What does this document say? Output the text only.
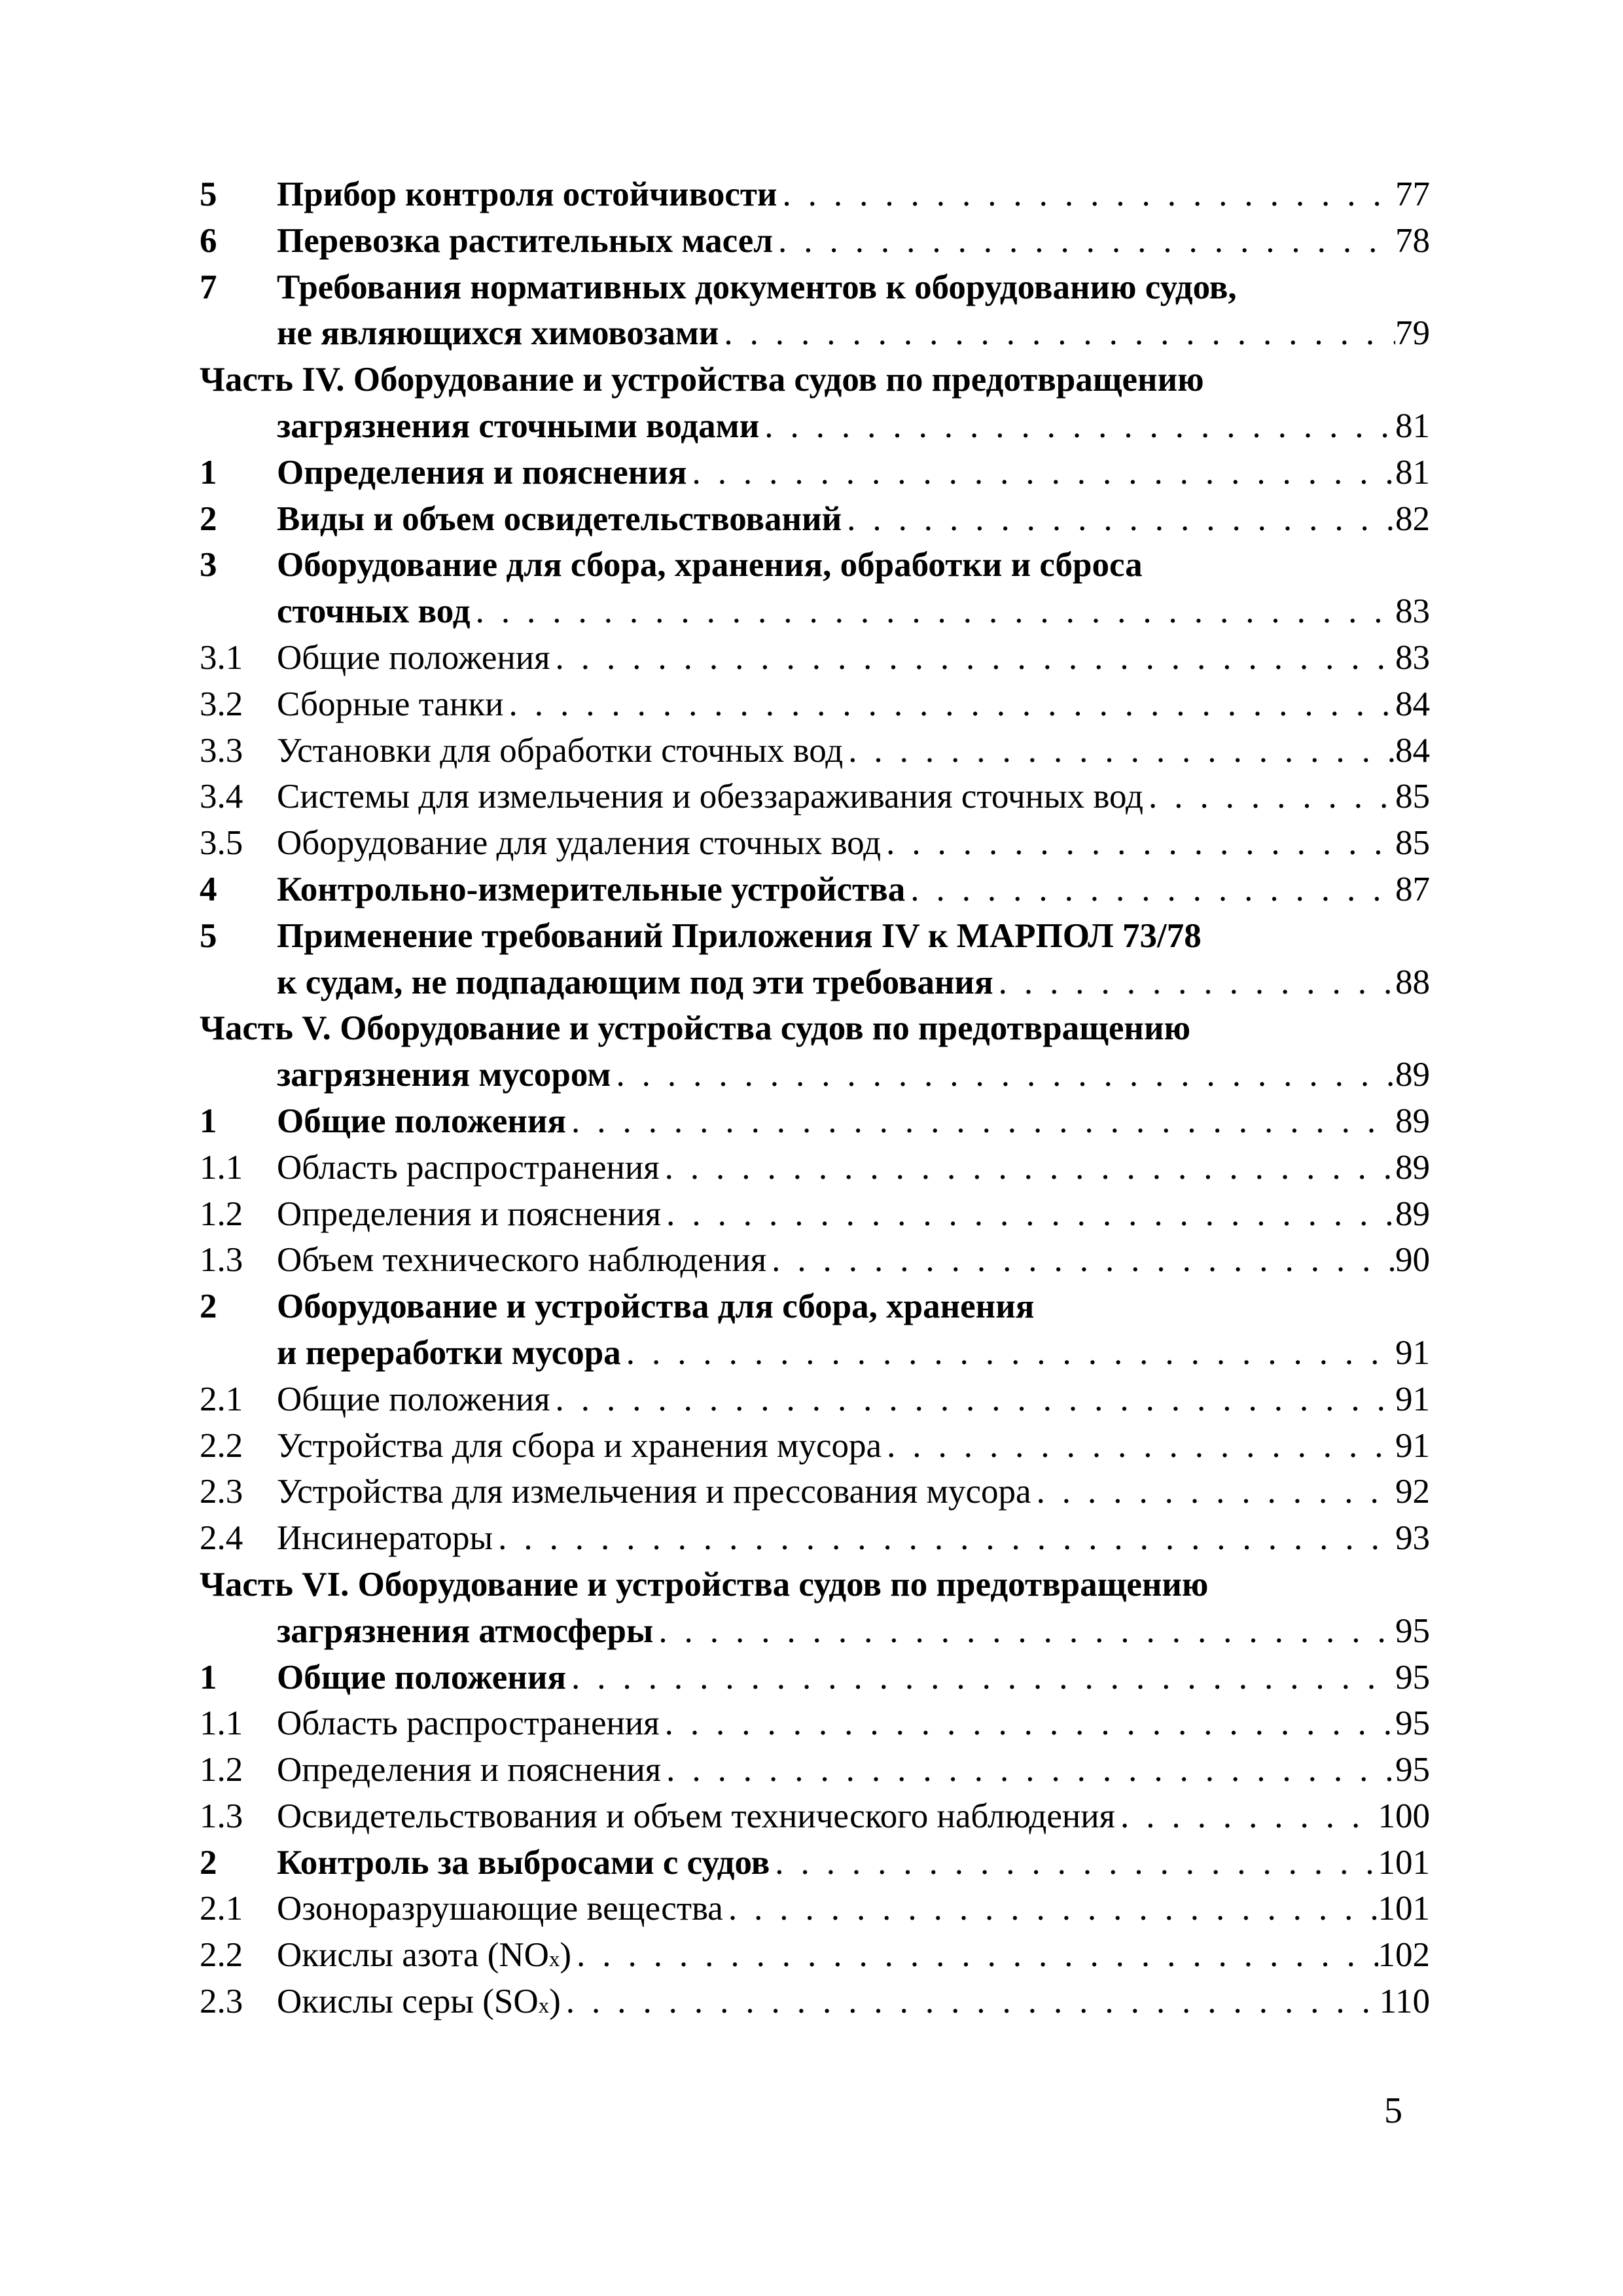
5	Прибор контроля остойчивости . . .	77
6	Перевозка растительных масел . . .	78
7	Требования нормативных документов к оборудованию судов,
не являющихся химовозами . . .	79
Часть IV. Оборудование и устройства судов по предотвращению
загрязнения сточными водами . . .	81
1	Определения и пояснения . . .	81
2	Виды и объем освидетельствований . . .	82
3	Оборудование для сбора, хранения, обработки и сброса
сточных вод . . .	83
3.1 Общие положения . . .	83
3.2 Сборные танки . . .	84
3.3 Установки для обработки сточных вод . . .	84
3.4 Системы для измельчения и обеззараживания сточных вод . . .	85
3.5 Оборудование для удаления сточных вод . . .	85
4	Контрольно-измерительные устройства . . .	87
5	Применение требований Приложения IV к МАРПОЛ 73/78
к судам, не подпадающим под эти требования . . .	88
Часть V. Оборудование и устройства судов по предотвращению
загрязнения мусором . . .	89
1	Общие положения . . .	89
1.1 Область распространения . . .	89
1.2 Определения и пояснения . . .	89
1.3 Объем технического наблюдения . . .	90
2	Оборудование и устройства для сбора, хранения
и переработки мусора . . .	91
2.1 Общие положения . . .	91
2.2 Устройства для сбора и хранения мусора . . .	91
2.3 Устройства для измельчения и прессования мусора . . .	92
2.4 Инсинераторы . . .	93
Часть VI. Оборудование и устройства судов по предотвращению
загрязнения атмосферы . . .	95
1	Общие положения . . .	95
1.1 Область распространения . . .	95
1.2 Определения и пояснения . . .	95
1.3 Освидетельствования и объем технического наблюдения . . .	100
2	Контроль за выбросами с судов . . .	101
2.1 Озоноразрушающие вещества . . .	101
2.2 Окислы азота (NO x ) . . .	102
2.3 Окислы серы (SO x ) . . .	110
5
